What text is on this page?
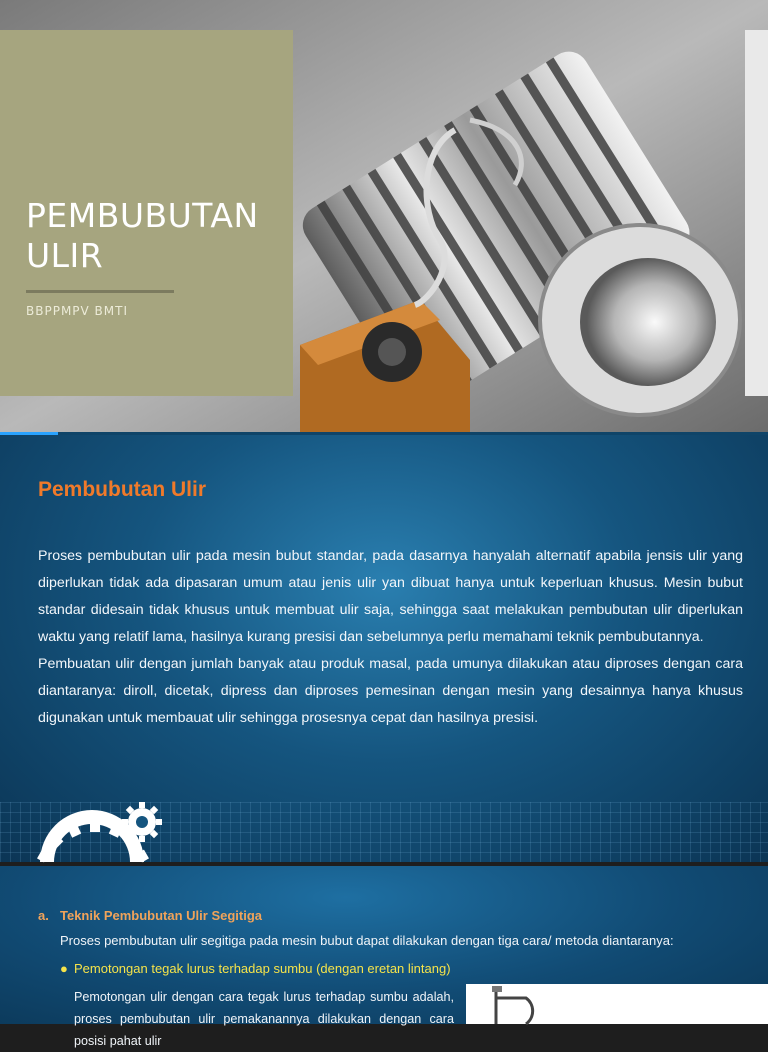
PEMBUBUTAN
ULIR
BBPPMPV BMTI
Pembubutan Ulir

Proses pembubutan ulir pada mesin bubut standar, pada dasarnya hanyalah alternatif apabila jensis ulir yang diperlukan tidak ada dipasaran umum atau jenis ulir yan dibuat hanya untuk keperluan khusus. Mesin bubut standar didesain tidak khusus untuk membuat ulir saja, sehingga saat melakukan pembubutan ulir diperlukan waktu yang relatif lama, hasilnya kurang presisi dan sebelumnya perlu memahami teknik pembubutannya.

Pembuatan ulir dengan jumlah banyak atau produk masal, pada umunya dilakukan atau diproses dengan cara diantaranya: diroll, dicetak, dipress dan diproses pemesinan dengan mesin yang desainnya hanya khusus digunakan untuk membauat ulir sehingga prosesnya cepat dan hasilnya presisi.

a. Teknik Pembubutan Ulir Segitiga
Proses pembubutan ulir segitiga pada mesin bubut dapat dilakukan dengan tiga cara/ metoda diantaranya:
● Pemotongan tegak lurus terhadap sumbu (dengan eretan lintang)
Pemotongan ulir dengan cara tegak lurus terhadap sumbu adalah, proses pembubutan ulir pemakanannya dilakukan dengan cara posisi pahat ulir
